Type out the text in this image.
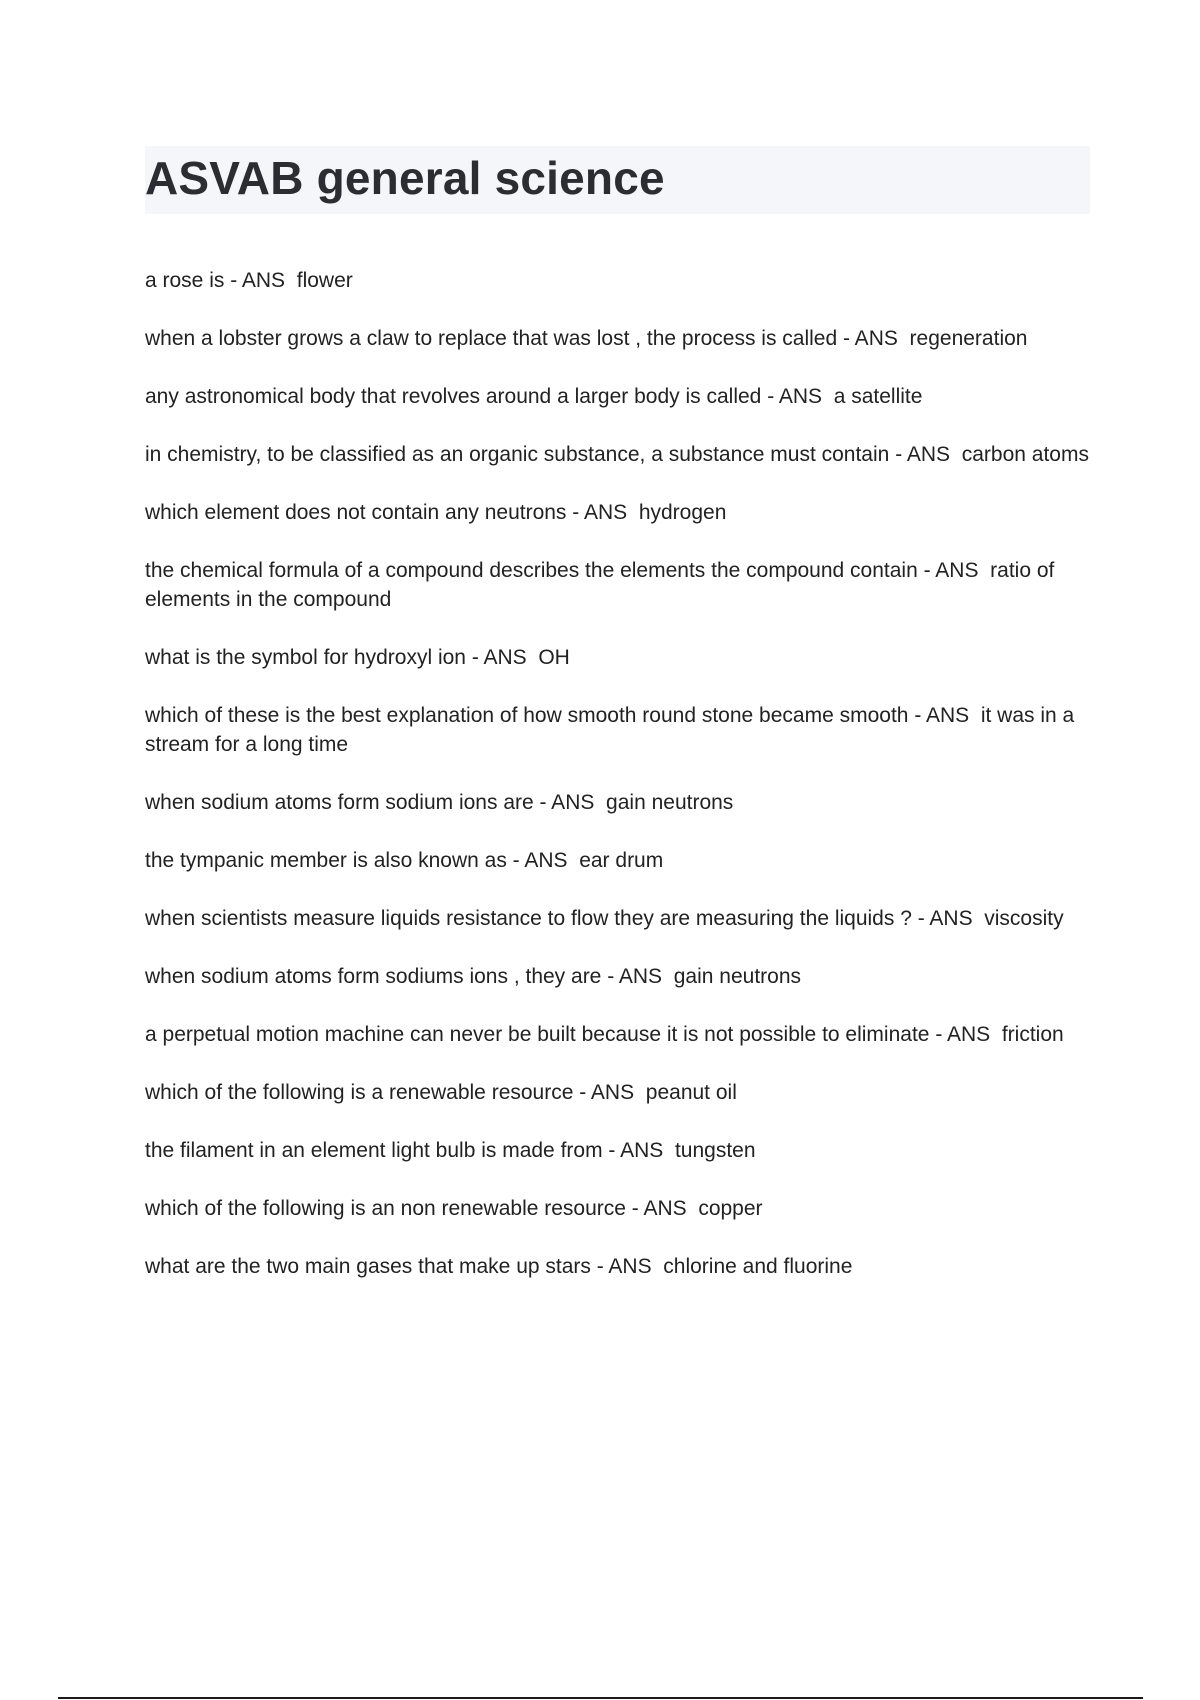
ASVAB general science
a rose is - ANS flower
when a lobster grows a claw to replace that was lost , the process is called - ANS regeneration
any astronomical body that revolves around a larger body is called - ANS a satellite
in chemistry, to be classified as an organic substance, a substance must contain - ANS carbon atoms
which element does not contain any neutrons - ANS hydrogen
the chemical formula of a compound describes the elements the compound contain - ANS ratio of elements in the compound
what is the symbol for hydroxyl ion - ANS OH
which of these is the best explanation of how smooth round stone became smooth - ANS it was in a stream for a long time
when sodium atoms form sodium ions are - ANS gain neutrons
the tympanic member is also known as - ANS ear drum
when scientists measure liquids resistance to flow they are measuring the liquids ? - ANS viscosity
when sodium atoms form sodiums ions , they are - ANS gain neutrons
a perpetual motion machine can never be built because it is not possible to eliminate - ANS friction
which of the following is a renewable resource - ANS peanut oil
the filament in an element light bulb is made from - ANS tungsten
which of the following is an non renewable resource - ANS copper
what are the two main gases that make up stars - ANS chlorine and fluorine
